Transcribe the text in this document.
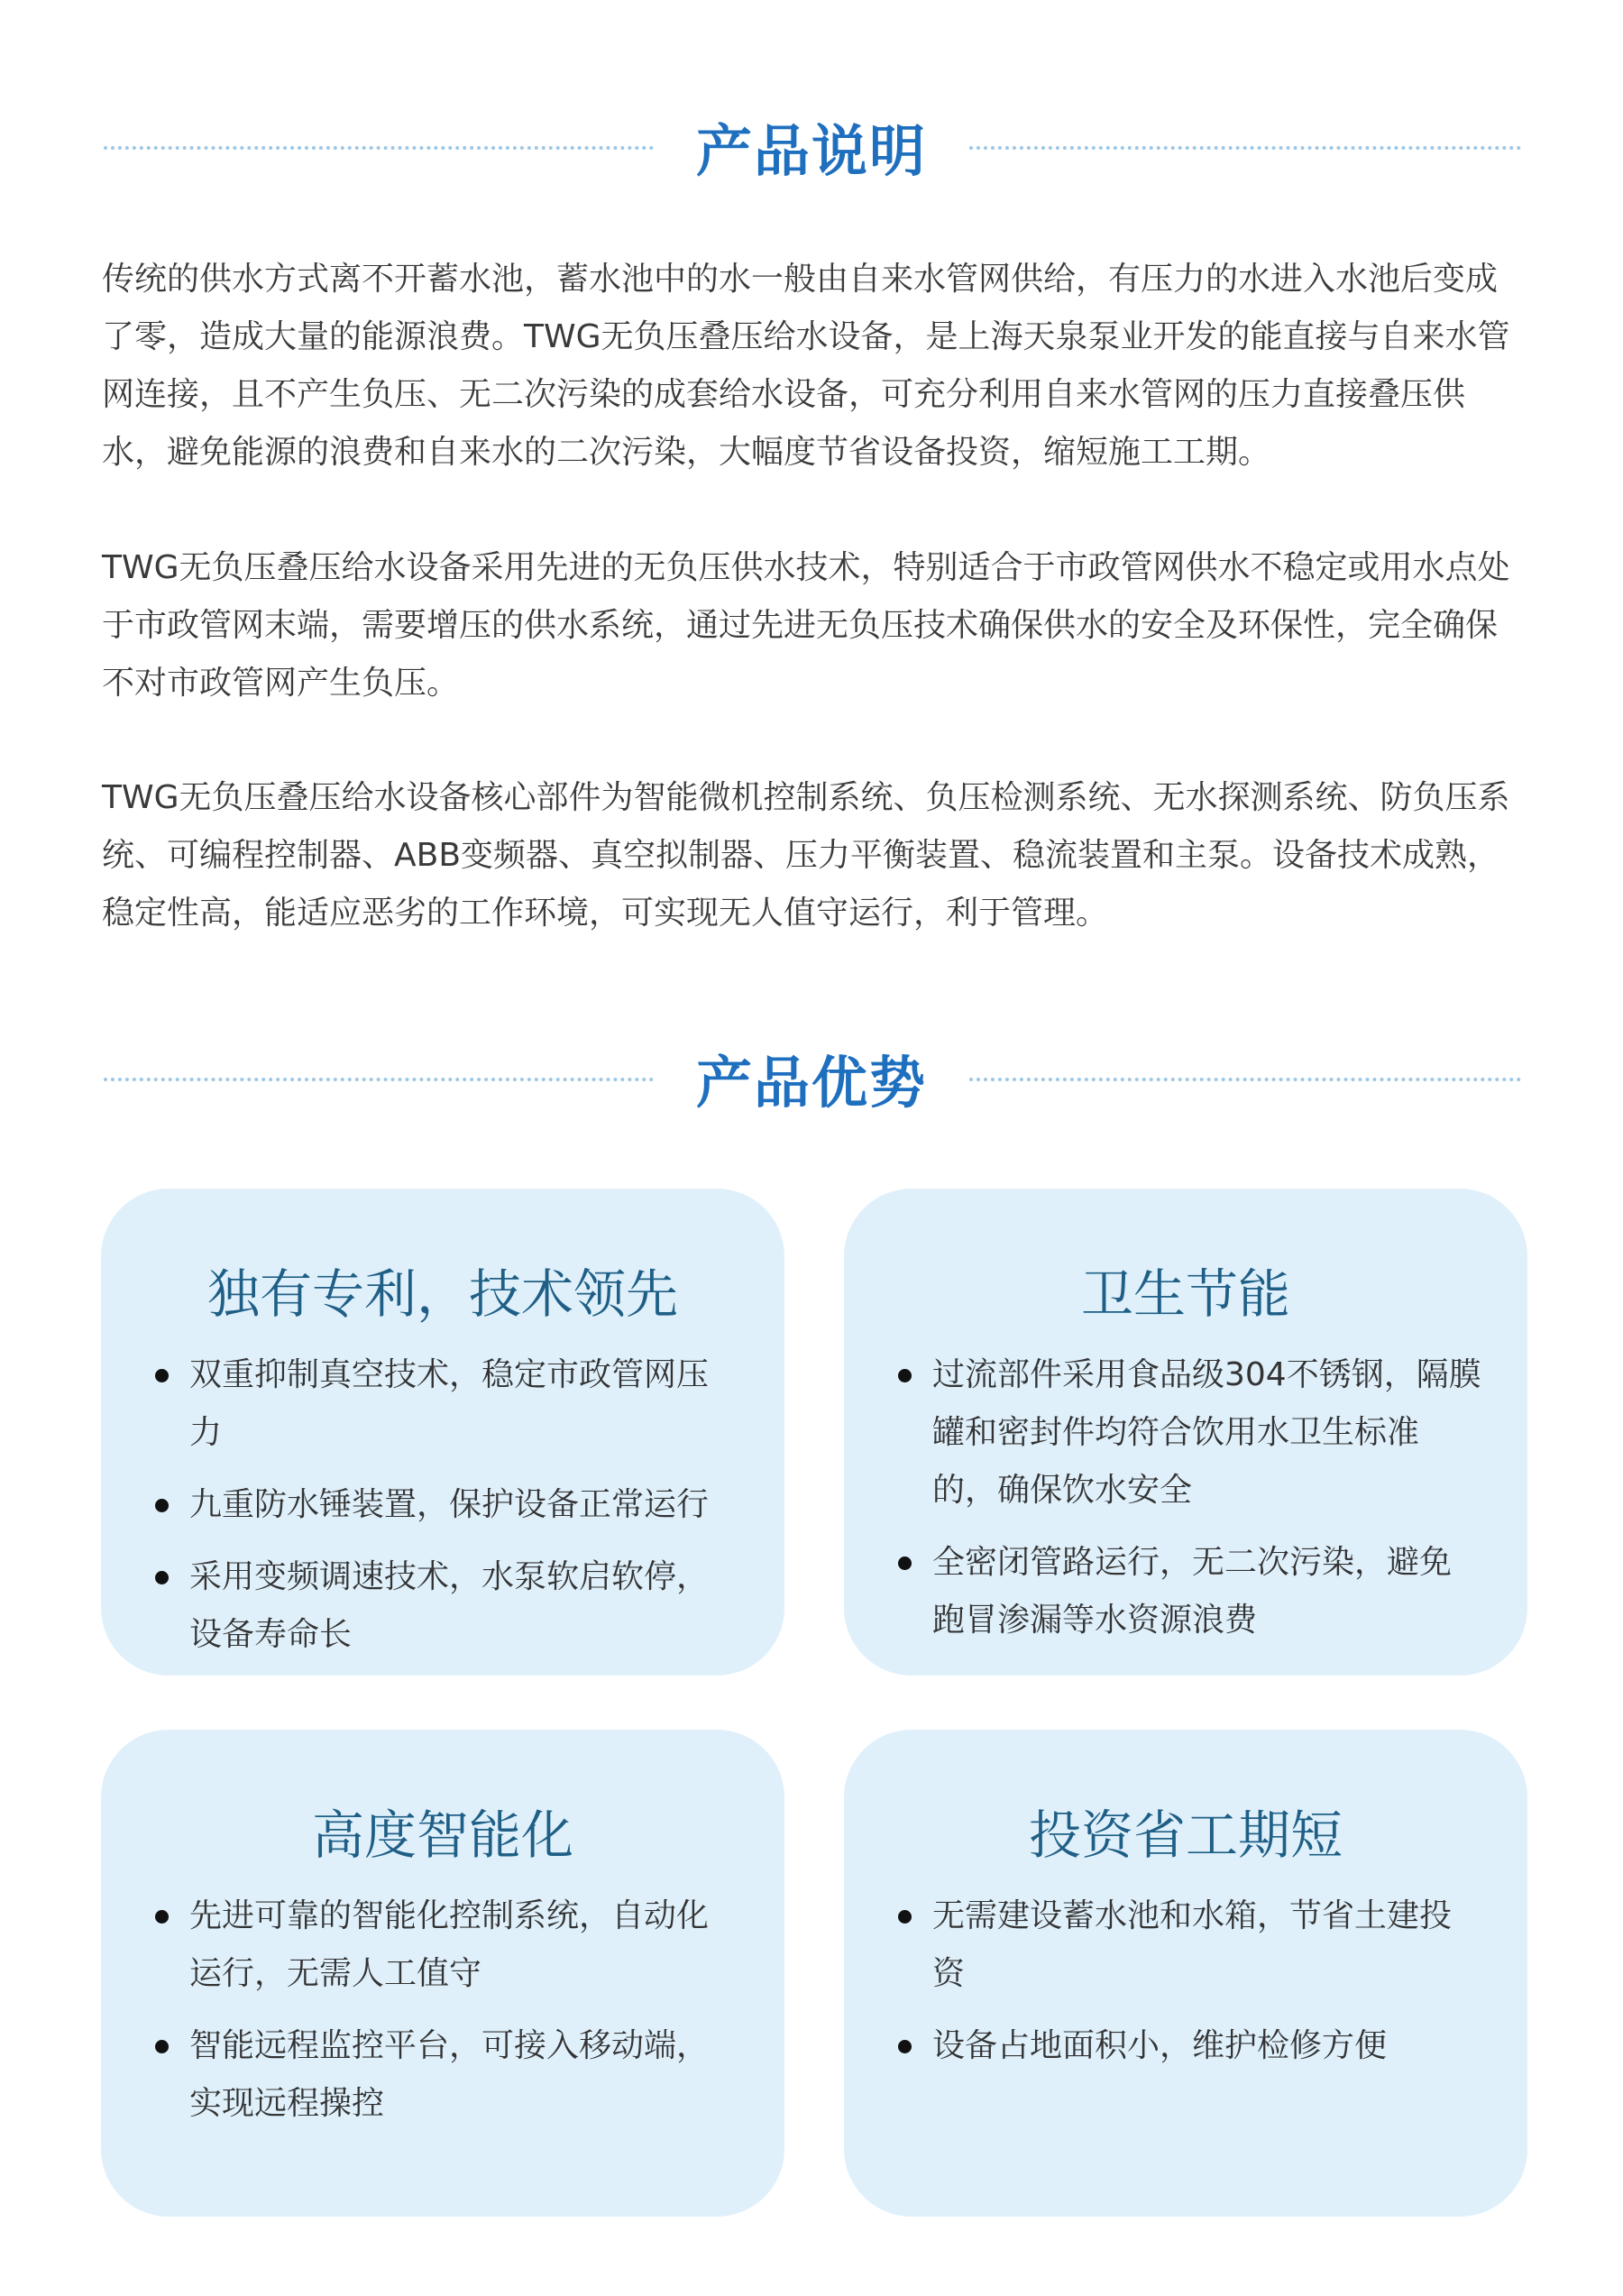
产品说明

传统的供水方式离不开蓄水池，蓄水池中的水一般由自来水管网供给，有压力的水进入水池后变成了零，造成大量的能源浪费。TWG无负压叠压给水设备，是上海天泉泵业开发的能直接与自来水管网连接，且不产生负压、无二次污染的成套给水设备，可充分利用自来水管网的压力直接叠压供水，避免能源的浪费和自来水的二次污染，大幅度节省设备投资，缩短施工工期。

TWG无负压叠压给水设备采用先进的无负压供水技术，特别适合于市政管网供水不稳定或用水点处于市政管网末端，需要增压的供水系统，通过先进无负压技术确保供水的安全及环保性，完全确保不对市政管网产生负压。

TWG无负压叠压给水设备核心部件为智能微机控制系统、负压检测系统、无水探测系统、防负压系统、可编程控制器、ABB变频器、真空拟制器、压力平衡装置、稳流装置和主泵。设备技术成熟，稳定性高，能适应恶劣的工作环境，可实现无人值守运行，利于管理。

产品优势
独有专利，技术领先
双重抑制真空技术，稳定市政管网压力
九重防水锤装置，保护设备正常运行
采用变频调速技术，水泵软启软停，设备寿命长
卫生节能
过流部件采用食品级304不锈钢，隔膜罐和密封件均符合饮用水卫生标准的，确保饮水安全
全密闭管路运行，无二次污染，避免跑冒渗漏等水资源浪费
高度智能化
先进可靠的智能化控制系统，自动化运行，无需人工值守
智能远程监控平台，可接入移动端，实现远程操控
投资省工期短
无需建设蓄水池和水箱，节省土建投资
设备占地面积小，维护检修方便
